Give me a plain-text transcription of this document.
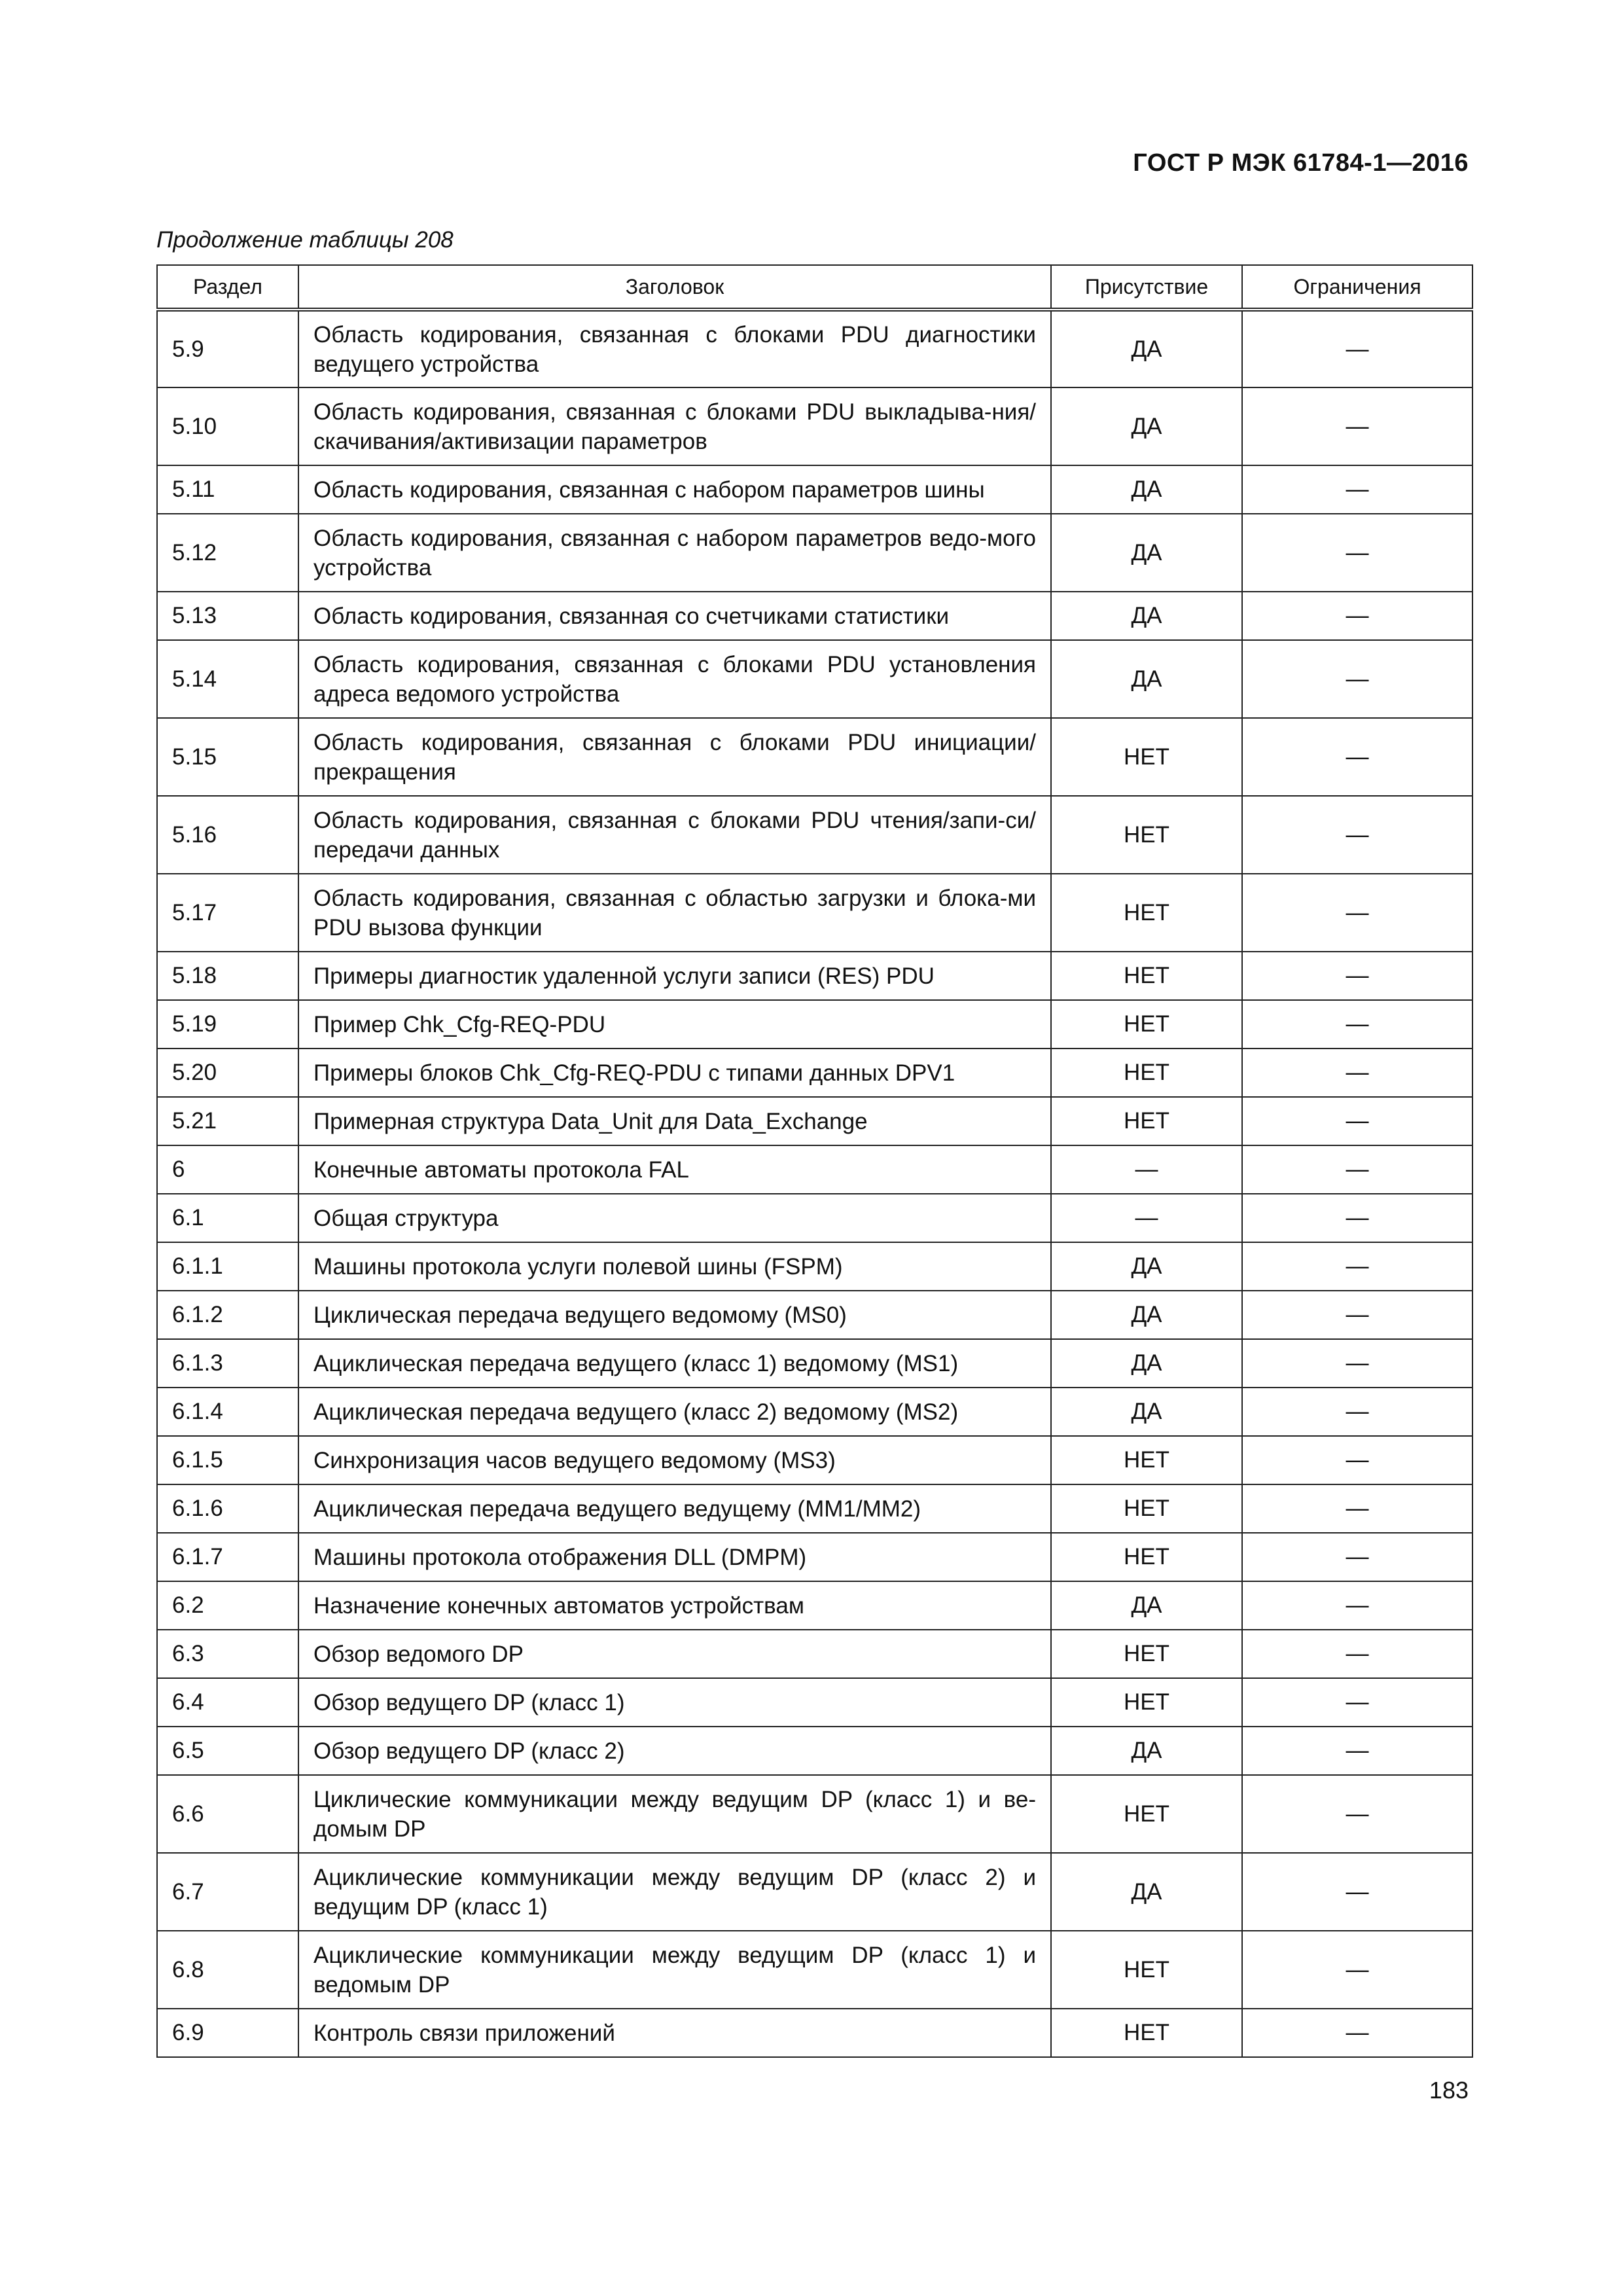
ГОСТ Р МЭК 61784-1—2016
Продолжение таблицы 208
Раздел	Заголовок	Присутствие	Ограничения
5.9	Область кодирования, связанная с блоками PDU диагностики ведущего устройства	ДА	—
5.10	Область кодирования, связанная с блоками PDU выкладыва-ния/скачивания/активизации параметров	ДА	—
5.11	Область кодирования, связанная с набором параметров шины	ДА	—
5.12	Область кодирования, связанная с набором параметров ведо-мого устройства	ДА	—
5.13	Область кодирования, связанная со счетчиками статистики	ДА	—
5.14	Область кодирования, связанная с блоками PDU установления адреса ведомого устройства	ДА	—
5.15	Область кодирования, связанная с блоками PDU инициации/ прекращения	НЕТ	—
5.16	Область кодирования, связанная с блоками PDU чтения/запи-си/ передачи данных	НЕТ	—
5.17	Область кодирования, связанная с областью загрузки и блока-ми PDU вызова функции	НЕТ	—
5.18	Примеры диагностик удаленной услуги записи (RES) PDU	НЕТ	—
5.19	Пример Chk_Cfg-REQ-PDU	НЕТ	—
5.20	Примеры блоков Chk_Cfg-REQ-PDU с типами данных DPV1	НЕТ	—
5.21	Примерная структура Data_Unit для Data_Exchange	НЕТ	—
6	Конечные автоматы протокола FAL	—	—
6.1	Общая структура	—	—
6.1.1	Машины протокола услуги полевой шины (FSPM)	ДА	—
6.1.2	Циклическая передача ведущего ведомому (MS0)	ДА	—
6.1.3	Ациклическая передача ведущего (класс 1) ведомому (MS1)	ДА	—
6.1.4	Ациклическая передача ведущего (класс 2) ведомому (MS2)	ДА	—
6.1.5	Синхронизация часов ведущего ведомому (MS3)	НЕТ	—
6.1.6	Ациклическая передача ведущего ведущему (MM1/MM2)	НЕТ	—
6.1.7	Машины протокола отображения DLL (DMPM)	НЕТ	—
6.2	Назначение конечных автоматов устройствам	ДА	—
6.3	Обзор ведомого DP	НЕТ	—
6.4	Обзор ведущего DP (класс 1)	НЕТ	—
6.5	Обзор ведущего DP (класс 2)	ДА	—
6.6	Циклические коммуникации между ведущим DP (класс 1) и ве-домым DP	НЕТ	—
6.7	Ациклические коммуникации между ведущим DP (класс 2) и ведущим DP (класс 1)	ДА	—
6.8	Ациклические коммуникации между ведущим DP (класс 1) и ведомым DP	НЕТ	—
6.9	Контроль связи приложений	НЕТ	—
183
